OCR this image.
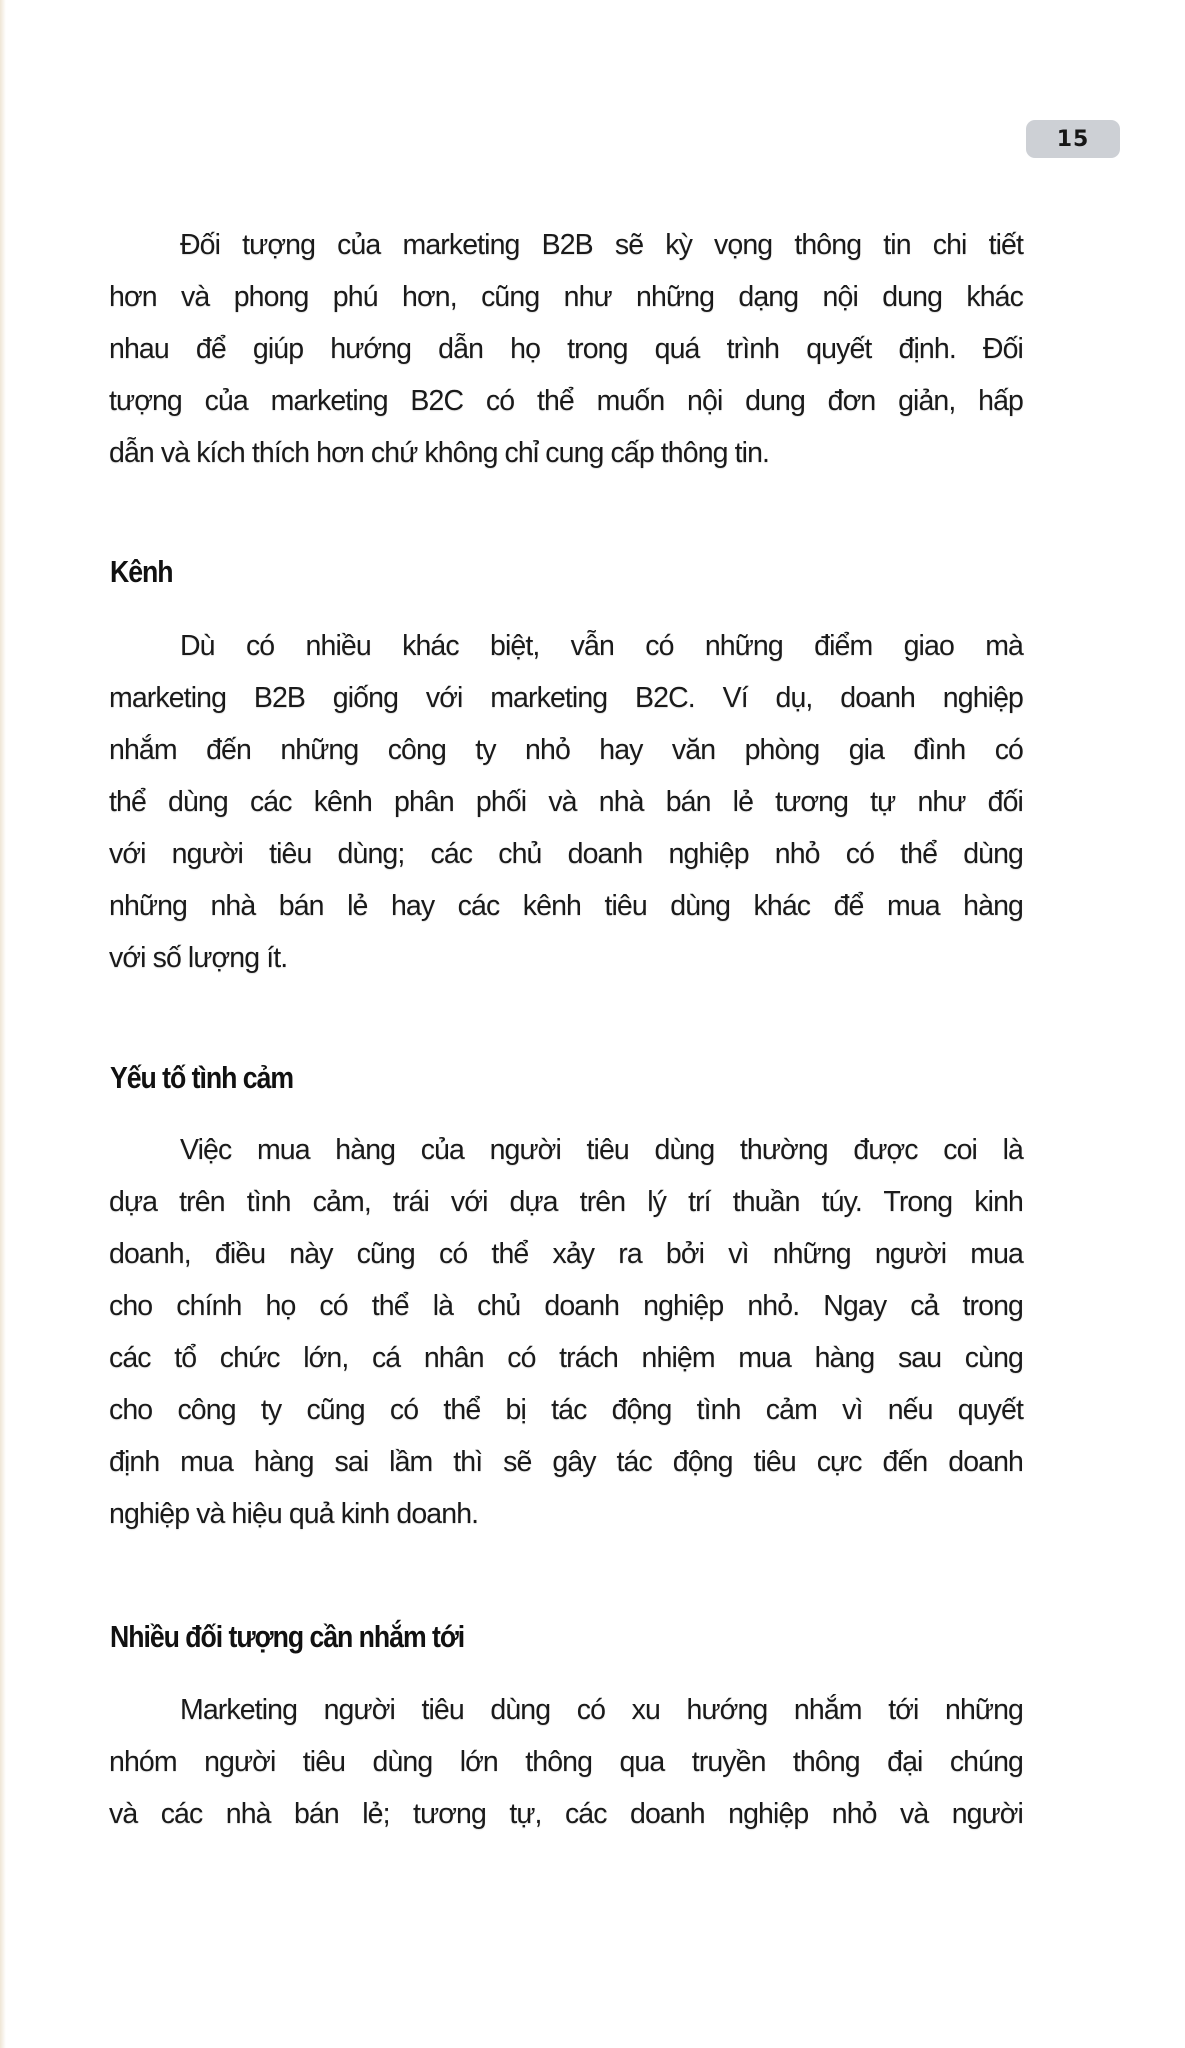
15
Đối tượng của marketing B2B sẽ kỳ vọng thông tin chi tiết
hơn và phong phú hơn, cũng như những dạng nội dung khác
nhau để giúp hướng dẫn họ trong quá trình quyết định. Đối
tượng của marketing B2C có thể muốn nội dung đơn giản, hấp
dẫn và kích thích hơn chứ không chỉ cung cấp thông tin.
Kênh
Dù có nhiều khác biệt, vẫn có những điểm giao mà
marketing B2B giống với marketing B2C. Ví dụ, doanh nghiệp
nhắm đến những công ty nhỏ hay văn phòng gia đình có
thể dùng các kênh phân phối và nhà bán lẻ tương tự như đối
với người tiêu dùng; các chủ doanh nghiệp nhỏ có thể dùng
những nhà bán lẻ hay các kênh tiêu dùng khác để mua hàng
với số lượng ít.
Yếu tố tình cảm
Việc mua hàng của người tiêu dùng thường được coi là
dựa trên tình cảm, trái với dựa trên lý trí thuần túy. Trong kinh
doanh, điều này cũng có thể xảy ra bởi vì những người mua
cho chính họ có thể là chủ doanh nghiệp nhỏ. Ngay cả trong
các tổ chức lớn, cá nhân có trách nhiệm mua hàng sau cùng
cho công ty cũng có thể bị tác động tình cảm vì nếu quyết
định mua hàng sai lầm thì sẽ gây tác động tiêu cực đến doanh
nghiệp và hiệu quả kinh doanh.
Nhiều đối tượng cần nhắm tới
Marketing người tiêu dùng có xu hướng nhắm tới những
nhóm người tiêu dùng lớn thông qua truyền thông đại chúng
và các nhà bán lẻ; tương tự, các doanh nghiệp nhỏ và người
